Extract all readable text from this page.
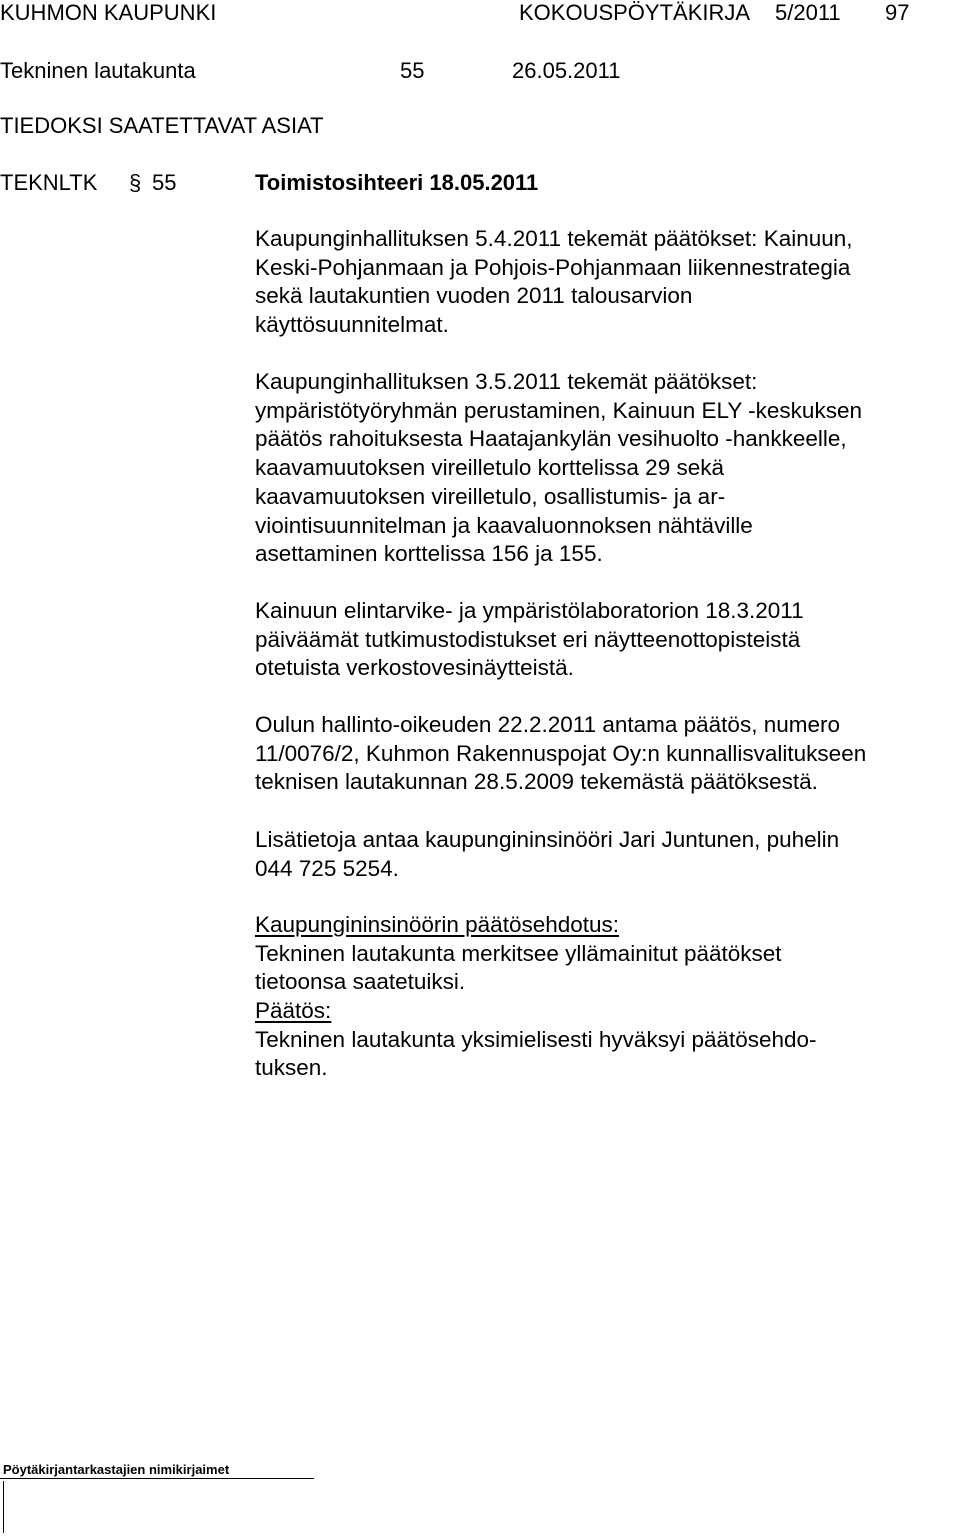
KUHMON KAUPUNKI	KOKOUSPÖYTÄKIRJA 5/2011 97
Tekninen lautakunta	55	26.05.2011
TIEDOKSI SAATETTAVAT ASIAT
TEKNLTK § 55	Toimistosihteeri 18.05.2011
Kaupunginhallituksen 5.4.2011 tekemät päätökset: Kainuun,
Keski-Pohjanmaan ja Pohjois-Pohjanmaan liikennestrategia
sekä lautakuntien vuoden 2011 talousarvion
käyttösuunnitelmat.
Kaupunginhallituksen 3.5.2011 tekemät päätökset:
ympäristötyöryhmän perustaminen, Kainuun ELY -keskuksen
päätös rahoituksesta Haatajankylän vesihuolto -hankkeelle,
kaavamuutoksen vireilletulo korttelissa 29 sekä
kaavamuutoksen vireilletulo, osallistumis- ja ar-
viointisuunnitelman ja kaavaluonnoksen nähtäville
asettaminen korttelissa 156 ja 155.
Kainuun elintarvike- ja ympäristölaboratorion 18.3.2011
päiväämät tutkimustodistukset eri näytteenottopisteistä
otetuista verkostovesinäytteistä.
Oulun hallinto-oikeuden 22.2.2011 antama päätös, numero
11/0076/2, Kuhmon Rakennuspojat Oy:n kunnallisvalitukseen
teknisen lautakunnan 28.5.2009 tekemästä päätöksestä.
Lisätietoja antaa kaupungininsinööri Jari Juntunen, puhelin
044 725 5254.
Kaupungininsinöörin päätösehdotus:
Tekninen lautakunta merkitsee yllämainitut päätökset
tietoonsa saatetuiksi.
Päätös:
Tekninen lautakunta yksimielisesti hyväksyi päätösehdo-
tuksen.
Pöytäkirjantarkastajien nimikirjaimet
